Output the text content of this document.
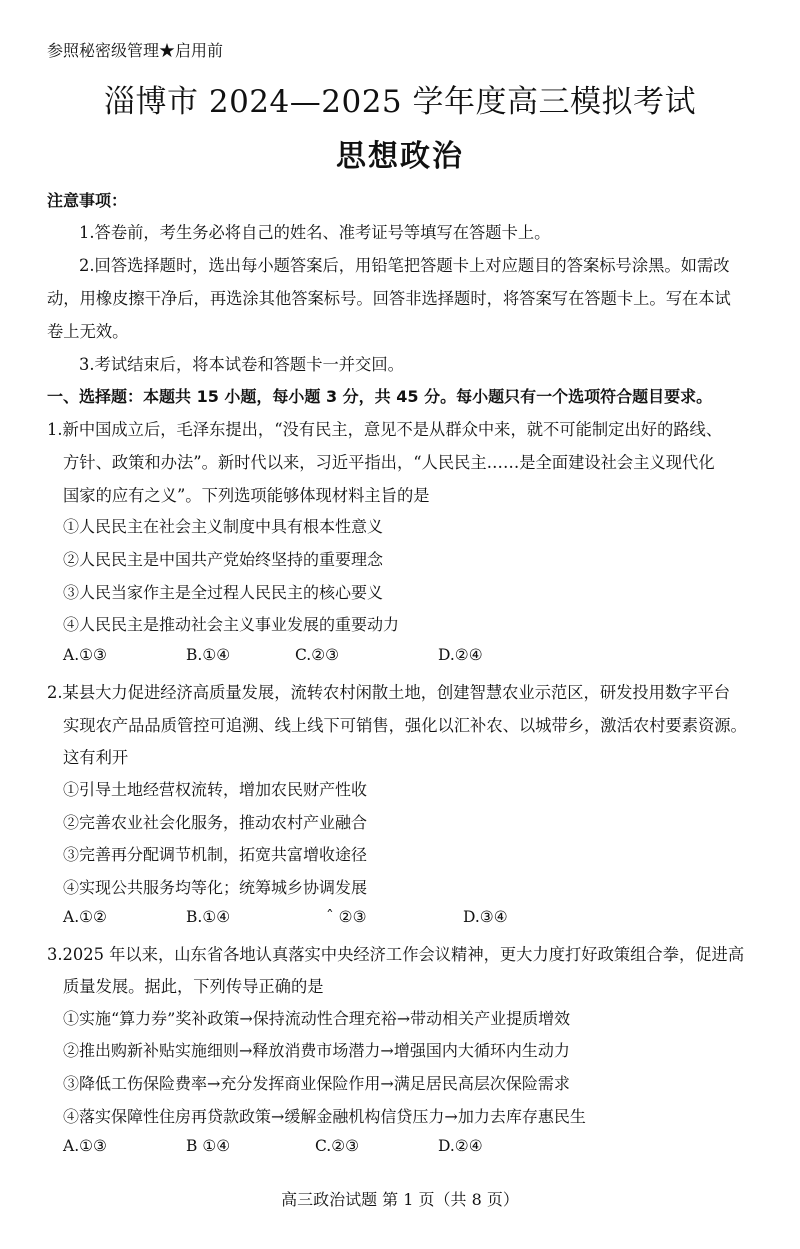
参照秘密级管理★启用前
淄博市 2024—2025 学年度高三模拟考试
思想政治
注意事项：
1.答卷前，考生务必将自己的姓名、准考证号等填写在答题卡上。
2.回答选择题时，选出每小题答案后，用铅笔把答题卡上对应题目的答案标号涂黑。如需改
动，用橡皮擦干净后，再选涂其他答案标号。回答非选择题时，将答案写在答题卡上。写在本试
卷上无效。
3.考试结束后，将本试卷和答题卡一并交回。
一、选择题：本题共 15 小题，每小题 3 分，共 45 分。每小题只有一个选项符合题目要求。
1.新中国成立后，毛泽东提出，“没有民主，意见不是从群众中来，就不可能制定出好的路线、
方针、政策和办法”。新时代以来，习近平指出，“人民民主……是全面建设社会主义现代化
国家的应有之义”。下列选项能够体现材料主旨的是
①人民民主在社会主义制度中具有根本性意义
②人民民主是中国共产党始终坚持的重要理念
③人民当家作主是全过程人民民主的核心要义
④人民民主是推动社会主义事业发展的重要动力
A.①③	B.①④	C.②③	D.②④
2.某县大力促进经济高质量发展，流转农村闲散土地，创建智慧农业示范区，研发投用数字平台
实现农产品品质管控可追溯、线上线下可销售，强化以汇补农、以城带乡，激活农村要素资源。
这有利开
①引导土地经营权流转，增加农民财产性收
②完善农业社会化服务，推动农村产业融合
③完善再分配调节机制，拓宽共富增收途径
④实现公共服务均等化；统筹城乡协调发展
A.①②	B.①④	ˆ ②③	D.③④
3.2025 年以来，山东省各地认真落实中央经济工作会议精神，更大力度打好政策组合拳，促进高
质量发展。据此，下列传导正确的是
①实施“算力券”奖补政策→保持流动性合理充裕→带动相关产业提质增效
②推出购新补贴实施细则→释放消费市场潜力→增强国内大循环内生动力
③降低工伤保险费率→充分发挥商业保险作用→满足居民高层次保险需求
④落实保障性住房再贷款政策→缓解金融机构信贷压力→加力去库存惠民生
A.①③	B ①④	C.②③	D.②④
高三政治试题 第 1 页（共 8 页）
